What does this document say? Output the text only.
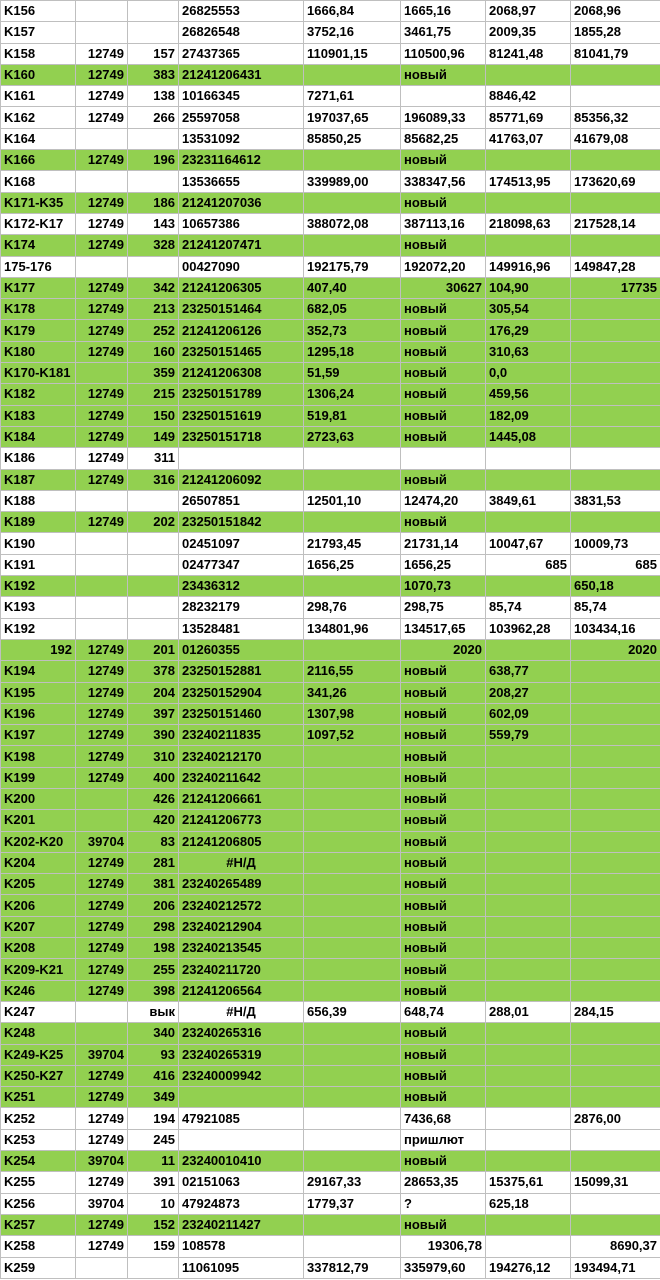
K156			26825553	1666,84	1665,16	2068,97	2068,96
K157			26826548	3752,16	3461,75	2009,35	1855,28
K158	12749	157	27437365	110901,15	110500,96	81241,48	81041,79
K160	12749	383	21241206431		новый		
K161	12749	138	10166345	7271,61		8846,42	
K162	12749	266	25597058	197037,65	196089,33	85771,69	85356,32
K164			13531092	85850,25	85682,25	41763,07	41679,08
K166	12749	196	23231164612		новый		
K168			13536655	339989,00	338347,56	174513,95	173620,69
K171-K35	12749	186	21241207036		новый		
K172-K17	12749	143	10657386	388072,08	387113,16	218098,63	217528,14
K174	12749	328	21241207471		новый		
175-176			00427090	192175,79	192072,20	149916,96	149847,28
K177	12749	342	21241206305	407,40	30627	104,90	17735
K178	12749	213	23250151464	682,05	новый	305,54	
K179	12749	252	21241206126	352,73	новый	176,29	
K180	12749	160	23250151465	1295,18	новый	310,63	
K170-K181		359	21241206308	51,59	новый	0,0	
K182	12749	215	23250151789	1306,24	новый	459,56	
K183	12749	150	23250151619	519,81	новый	182,09	
K184	12749	149	23250151718	2723,63	новый	1445,08	
K186	12749	311					
K187	12749	316	21241206092		новый		
K188			26507851	12501,10	12474,20	3849,61	3831,53
K189	12749	202	23250151842		новый		
K190			02451097	21793,45	21731,14	10047,67	10009,73
K191			02477347	1656,25	1656,25	685	685
K192			23436312		1070,73		650,18
K193			28232179	298,76	298,75	85,74	85,74
K192			13528481	134801,96	134517,65	103962,28	103434,16
192	12749	201	01260355		2020		2020
K194	12749	378	23250152881	2116,55	новый	638,77	
K195	12749	204	23250152904	341,26	новый	208,27	
K196	12749	397	23250151460	1307,98	новый	602,09	
K197	12749	390	23240211835	1097,52	новый	559,79	
K198	12749	310	23240212170		новый		
K199	12749	400	23240211642		новый		
K200		426	21241206661		новый		
K201		420	21241206773		новый		
K202-K20	39704	83	21241206805		новый		
K204	12749	281	#Н/Д		новый		
K205	12749	381	23240265489		новый		
K206	12749	206	23240212572		новый		
K207	12749	298	23240212904		новый		
K208	12749	198	23240213545		новый		
K209-K21	12749	255	23240211720		новый		
K246	12749	398	21241206564		новый		
K247		вык	#Н/Д	656,39	648,74	288,01	284,15
K248		340	23240265316		новый		
K249-K25	39704	93	23240265319		новый		
K250-K27	12749	416	23240009942		новый		
K251	12749	349			новый		
K252	12749	194	47921085		7436,68		2876,00
K253	12749	245			пришлют		
K254	39704	11	23240010410		новый		
K255	12749	391	02151063	29167,33	28653,35	15375,61	15099,31
K256	39704	10	47924873	1779,37	?	625,18	
K257	12749	152	23240211427		новый		
K258	12749	159	108578		19306,78		8690,37
K259			11061095	337812,79	335979,60	194276,12	193494,71
